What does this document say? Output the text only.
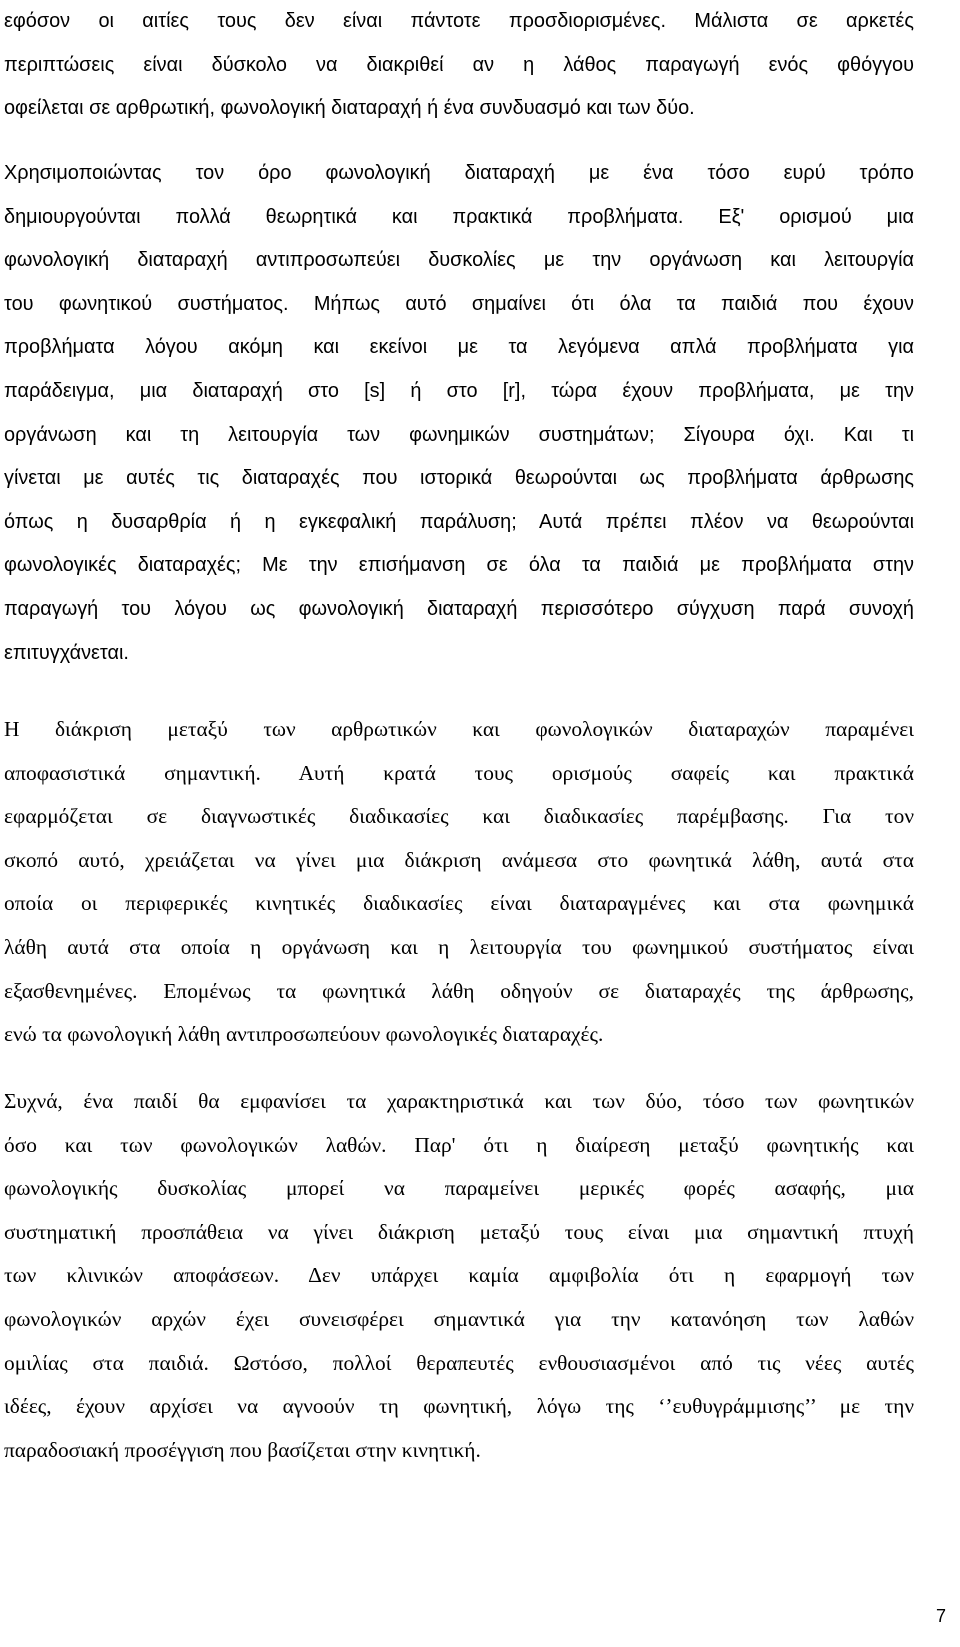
εφόσον οι αιτίες τους δεν είναι πάντοτε προσδιορισμένες. Μάλιστα σε αρκετές
περιπτώσεις είναι δύσκολο να διακριθεί αν η λάθος παραγωγή ενός φθόγγου
οφείλεται σε αρθρωτική, φωνολογική διαταραχή ή ένα συνδυασμό και των δύο.
Χρησιμοποιώντας τον όρο φωνολογική διαταραχή με ένα τόσο ευρύ τρόπο
δημιουργούνται πολλά θεωρητικά και πρακτικά προβλήματα. Εξ' ορισμού μια
φωνολογική διαταραχή αντιπροσωπεύει δυσκολίες με την οργάνωση και λειτουργία
του φωνητικού συστήματος. Μήπως αυτό σημαίνει ότι όλα τα παιδιά που έχουν
προβλήματα λόγου ακόμη και εκείνοι με τα λεγόμενα απλά προβλήματα για
παράδειγμα, μια διαταραχή στο [s] ή στο [r], τώρα έχουν προβλήματα, με την
οργάνωση και τη λειτουργία των φωνημικών συστημάτων; Σίγουρα όχι. Και τι
γίνεται με αυτές τις διαταραχές που ιστορικά θεωρούνται ως προβλήματα άρθρωσης
όπως η δυσαρθρία ή η εγκεφαλική παράλυση; Αυτά πρέπει πλέον να θεωρούνται
φωνολογικές διαταραχές; Με την επισήμανση σε όλα τα παιδιά με προβλήματα στην
παραγωγή του λόγου ως φωνολογική διαταραχή περισσότερο σύγχυση παρά συνοχή
επιτυγχάνεται.
Η διάκριση μεταξύ των αρθρωτικών και φωνολογικών διαταραχών παραμένει
αποφασιστικά σημαντική. Αυτή κρατά τους ορισμούς σαφείς και πρακτικά
εφαρμόζεται σε διαγνωστικές διαδικασίες και διαδικασίες παρέμβασης. Για τον
σκοπό αυτό, χρειάζεται να γίνει μια διάκριση ανάμεσα στο φωνητικά λάθη, αυτά στα
οποία οι περιφερικές κινητικές διαδικασίες είναι διαταραγμένες και στα φωνημικά
λάθη αυτά στα οποία η οργάνωση και η λειτουργία του φωνημικού συστήματος είναι
εξασθενημένες. Επομένως τα φωνητικά λάθη οδηγούν σε διαταραχές της άρθρωσης,
ενώ τα φωνολογική λάθη αντιπροσωπεύουν φωνολογικές διαταραχές.
Συχνά, ένα παιδί θα εμφανίσει τα χαρακτηριστικά και των δύο, τόσο των φωνητικών
όσο και των φωνολογικών λαθών. Παρ' ότι η διαίρεση μεταξύ φωνητικής και
φωνολογικής δυσκολίας μπορεί να παραμείνει μερικές φορές ασαφής, μια
συστηματική προσπάθεια να γίνει διάκριση μεταξύ τους είναι μια σημαντική πτυχή
των κλινικών αποφάσεων. Δεν υπάρχει καμία αμφιβολία ότι η εφαρμογή των
φωνολογικών αρχών έχει συνεισφέρει σημαντικά για την κατανόηση των λαθών
ομιλίας στα παιδιά. Ωστόσο, πολλοί θεραπευτές ενθουσιασμένοι από τις νέες αυτές
ιδέες, έχουν αρχίσει να αγνοούν τη φωνητική, λόγω της ‘’ευθυγράμμισης’’ με την
παραδοσιακή προσέγγιση που βασίζεται στην κινητική.
7
